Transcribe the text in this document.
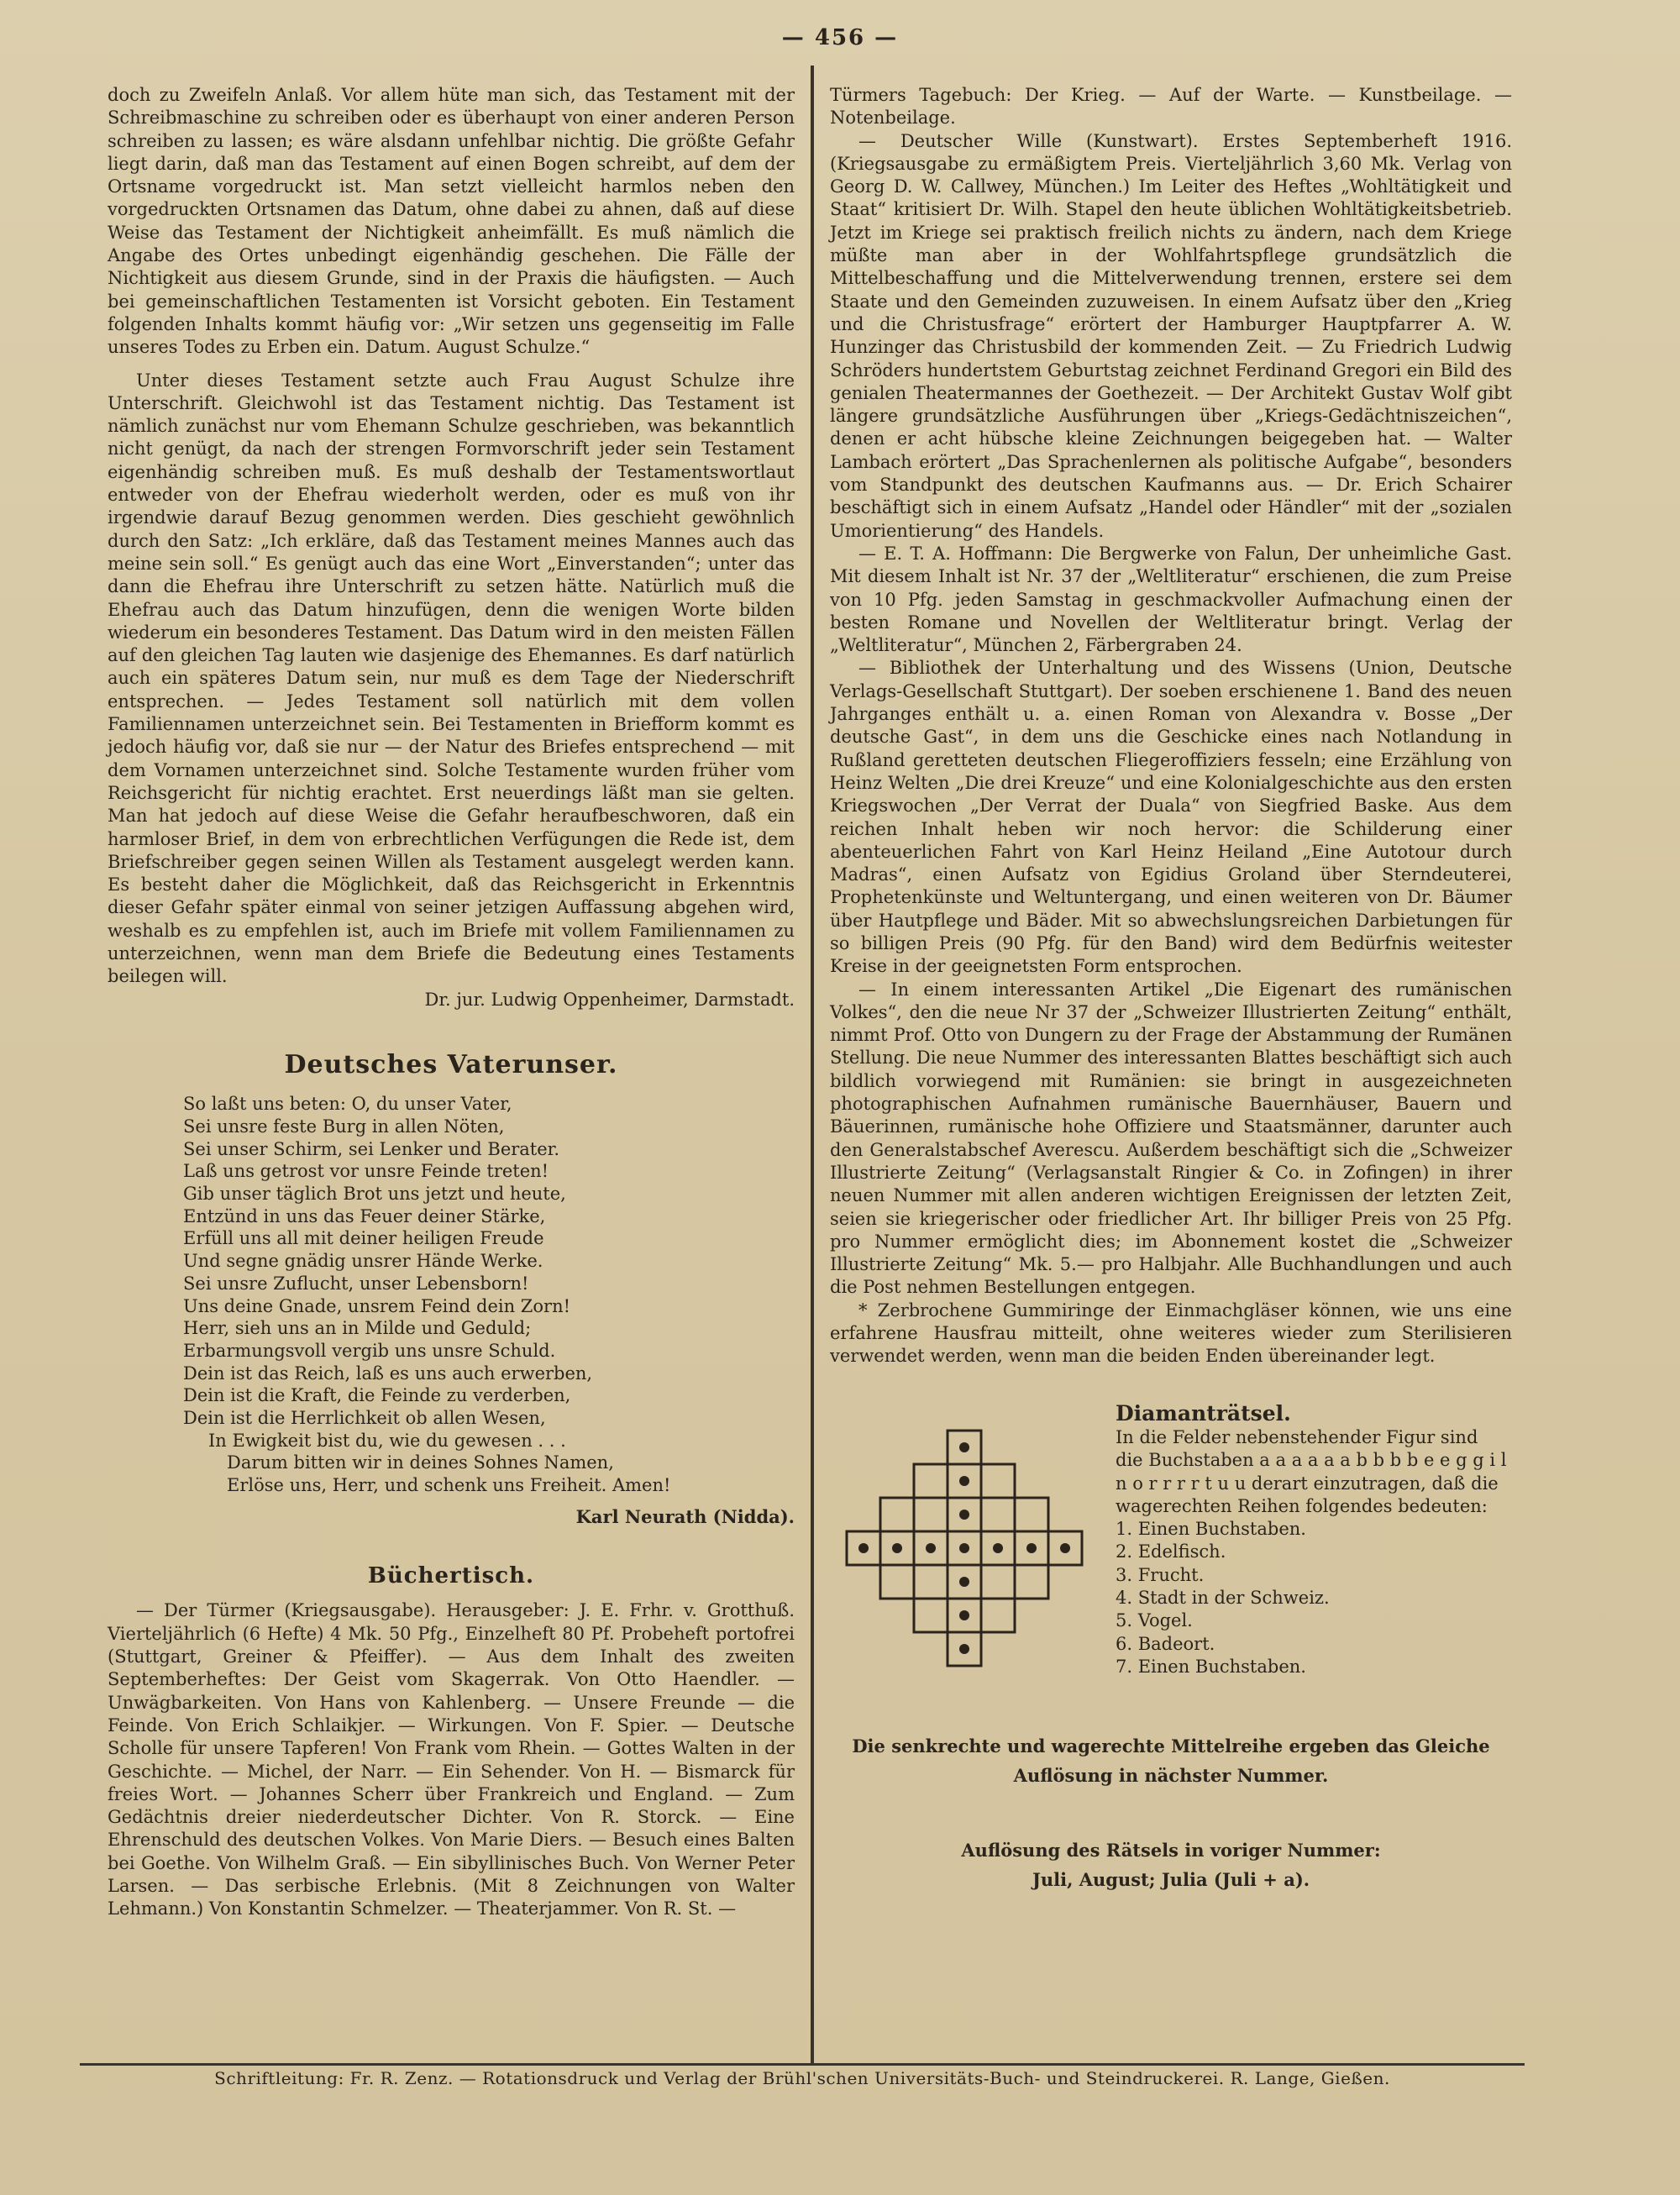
— 456 —

doch zu Zweifeln Anlaß. Vor allem hüte man sich, das Testament mit der Schreibmaschine zu schreiben oder es überhaupt von einer anderen Person schreiben zu lassen; es wäre alsdann unfehlbar nichtig. Die größte Gefahr liegt darin, daß man das Testament auf einen Bogen schreibt, auf dem der Ortsname vorgedruckt ist. Man setzt vielleicht harmlos neben den vorgedruckten Ortsnamen das Datum, ohne dabei zu ahnen, daß auf diese Weise das Testament der Nichtigkeit anheimfällt. Es muß nämlich die Angabe des Ortes unbedingt eigenhändig geschehen. Die Fälle der Nichtigkeit aus diesem Grunde, sind in der Praxis die häufigsten. — Auch bei gemeinschaftlichen Testamenten ist Vorsicht geboten. Ein Testament folgenden Inhalts kommt häufig vor: „Wir setzen uns gegenseitig im Falle unseres Todes zu Erben ein. Datum. August Schulze.“

Unter dieses Testament setzte auch Frau August Schulze ihre Unterschrift. Gleichwohl ist das Testament nichtig. Das Testament ist nämlich zunächst nur vom Ehemann Schulze geschrieben, was bekanntlich nicht genügt, da nach der strengen Formvorschrift jeder sein Testament eigenhändig schreiben muß. Es muß deshalb der Testamentswortlaut entweder von der Ehefrau wiederholt werden, oder es muß von ihr irgendwie darauf Bezug genommen werden. Dies geschieht gewöhnlich durch den Satz: „Ich erkläre, daß das Testament meines Mannes auch das meine sein soll.“ Es genügt auch das eine Wort „Einverstanden“; unter das dann die Ehefrau ihre Unterschrift zu setzen hätte. Natürlich muß die Ehefrau auch das Datum hinzufügen, denn die wenigen Worte bilden wiederum ein besonderes Testament. Das Datum wird in den meisten Fällen auf den gleichen Tag lauten wie dasjenige des Ehemannes. Es darf natürlich auch ein späteres Datum sein, nur muß es dem Tage der Niederschrift entsprechen. — Jedes Testament soll natürlich mit dem vollen Familiennamen unterzeichnet sein. Bei Testamenten in Briefform kommt es jedoch häufig vor, daß sie nur — der Natur des Briefes entsprechend — mit dem Vornamen unterzeichnet sind. Solche Testamente wurden früher vom Reichsgericht für nichtig erachtet. Erst neuerdings läßt man sie gelten. Man hat jedoch auf diese Weise die Gefahr heraufbeschworen, daß ein harmloser Brief, in dem von erbrechtlichen Verfügungen die Rede ist, dem Briefschreiber gegen seinen Willen als Testament ausgelegt werden kann. Es besteht daher die Möglichkeit, daß das Reichsgericht in Erkenntnis dieser Gefahr später einmal von seiner jetzigen Auffassung abgehen wird, weshalb es zu empfehlen ist, auch im Briefe mit vollem Familiennamen zu unterzeichnen, wenn man dem Briefe die Bedeutung eines Testaments beilegen will.

Dr. jur. Ludwig Oppenheimer, Darmstadt.

Deutsches Vaterunser.
So laßt uns beten: O, du unser Vater,
Sei unsre feste Burg in allen Nöten,
Sei unser Schirm, sei Lenker und Berater.
Laß uns getrost vor unsre Feinde treten!
Gib unser täglich Brot uns jetzt und heute,
Entzünd in uns das Feuer deiner Stärke,
Erfüll uns all mit deiner heiligen Freude
Und segne gnädig unsrer Hände Werke.
Sei unsre Zuflucht, unser Lebensborn!
Uns deine Gnade, unsrem Feind dein Zorn!
Herr, sieh uns an in Milde und Geduld;
Erbarmungsvoll vergib uns unsre Schuld.
Dein ist das Reich, laß es uns auch erwerben,
Dein ist die Kraft, die Feinde zu verderben,
Dein ist die Herrlichkeit ob allen Wesen,
In Ewigkeit bist du, wie du gewesen . . .
Darum bitten wir in deines Sohnes Namen,
Erlöse uns, Herr, und schenk uns Freiheit. Amen!

Karl Neurath (Nidda).

Büchertisch.

— Der Türmer (Kriegsausgabe). Herausgeber: J. E. Frhr. v. Grotthuß. Vierteljährlich (6 Hefte) 4 Mk. 50 Pfg., Einzelheft 80 Pf. Probeheft portofrei (Stuttgart, Greiner & Pfeiffer). — Aus dem Inhalt des zweiten Septemberheftes: Der Geist vom Skagerrak. Von Otto Haendler. — Unwägbarkeiten. Von Hans von Kahlenberg. — Unsere Freunde — die Feinde. Von Erich Schlaikjer. — Wirkungen. Von F. Spier. — Deutsche Scholle für unsere Tapferen! Von Frank vom Rhein. — Gottes Walten in der Geschichte. — Michel, der Narr. — Ein Sehender. Von H. — Bismarck für freies Wort. — Johannes Scherr über Frankreich und England. — Zum Gedächtnis dreier niederdeutscher Dichter. Von R. Storck. — Eine Ehrenschuld des deutschen Volkes. Von Marie Diers. — Besuch eines Balten bei Goethe. Von Wilhelm Graß. — Ein sibyllinisches Buch. Von Werner Peter Larsen. — Das serbische Erlebnis. (Mit 8 Zeichnungen von Walter Lehmann.) Von Konstantin Schmelzer. — Theaterjammer. Von R. St. —

Türmers Tagebuch: Der Krieg. — Auf der Warte. — Kunstbeilage. — Notenbeilage.

— Deutscher Wille (Kunstwart). Erstes Septemberheft 1916. (Kriegsausgabe zu ermäßigtem Preis. Vierteljährlich 3,60 Mk. Verlag von Georg D. W. Callwey, München.) Im Leiter des Heftes „Wohltätigkeit und Staat“ kritisiert Dr. Wilh. Stapel den heute üblichen Wohltätigkeitsbetrieb. Jetzt im Kriege sei praktisch freilich nichts zu ändern, nach dem Kriege müßte man aber in der Wohlfahrtspflege grundsätzlich die Mittelbeschaffung und die Mittelverwendung trennen, erstere sei dem Staate und den Gemeinden zuzuweisen. In einem Aufsatz über den „Krieg und die Christusfrage“ erörtert der Hamburger Hauptpfarrer A. W. Hunzinger das Christusbild der kommenden Zeit. — Zu Friedrich Ludwig Schröders hundertstem Geburtstag zeichnet Ferdinand Gregori ein Bild des genialen Theatermannes der Goethezeit. — Der Architekt Gustav Wolf gibt längere grundsätzliche Ausführungen über „Kriegs-Gedächtniszeichen“, denen er acht hübsche kleine Zeichnungen beigegeben hat. — Walter Lambach erörtert „Das Sprachenlernen als politische Aufgabe“, besonders vom Standpunkt des deutschen Kaufmanns aus. — Dr. Erich Schairer beschäftigt sich in einem Aufsatz „Handel oder Händler“ mit der „sozialen Umorientierung“ des Handels.

— E. T. A. Hoffmann: Die Bergwerke von Falun, Der unheimliche Gast. Mit diesem Inhalt ist Nr. 37 der „Weltliteratur“ erschienen, die zum Preise von 10 Pfg. jeden Samstag in geschmackvoller Aufmachung einen der besten Romane und Novellen der Weltliteratur bringt. Verlag der „Weltliteratur“, München 2, Färbergraben 24.

— Bibliothek der Unterhaltung und des Wissens (Union, Deutsche Verlags-Gesellschaft Stuttgart). Der soeben erschienene 1. Band des neuen Jahrganges enthält u. a. einen Roman von Alexandra v. Bosse „Der deutsche Gast“, in dem uns die Geschicke eines nach Notlandung in Rußland geretteten deutschen Fliegeroffiziers fesseln; eine Erzählung von Heinz Welten „Die drei Kreuze“ und eine Kolonialgeschichte aus den ersten Kriegswochen „Der Verrat der Duala“ von Siegfried Baske. Aus dem reichen Inhalt heben wir noch hervor: die Schilderung einer abenteuerlichen Fahrt von Karl Heinz Heiland „Eine Autotour durch Madras“, einen Aufsatz von Egidius Groland über Sterndeuterei, Prophetenkünste und Weltuntergang, und einen weiteren von Dr. Bäumer über Hautpflege und Bäder. Mit so abwechslungsreichen Darbietungen für so billigen Preis (90 Pfg. für den Band) wird dem Bedürfnis weitester Kreise in der geeignetsten Form entsprochen.

— In einem interessanten Artikel „Die Eigenart des rumänischen Volkes“, den die neue Nr 37 der „Schweizer Illustrierten Zeitung“ enthält, nimmt Prof. Otto von Dungern zu der Frage der Abstammung der Rumänen Stellung. Die neue Nummer des interessanten Blattes beschäftigt sich auch bildlich vorwiegend mit Rumänien: sie bringt in ausgezeichneten photographischen Aufnahmen rumänische Bauernhäuser, Bauern und Bäuerinnen, rumänische hohe Offiziere und Staatsmänner, darunter auch den Generalstabschef Averescu. Außerdem beschäftigt sich die „Schweizer Illustrierte Zeitung“ (Verlagsanstalt Ringier & Co. in Zofingen) in ihrer neuen Nummer mit allen anderen wichtigen Ereignissen der letzten Zeit, seien sie kriegerischer oder friedlicher Art. Ihr billiger Preis von 25 Pfg. pro Nummer ermöglicht dies; im Abonnement kostet die „Schweizer Illustrierte Zeitung“ Mk. 5.— pro Halbjahr. Alle Buchhandlungen und auch die Post nehmen Bestellungen entgegen.

* Zerbrochene Gummiringe der Einmachgläser können, wie uns eine erfahrene Hausfrau mitteilt, ohne weiteres wieder zum Sterilisieren verwendet werden, wenn man die beiden Enden übereinander legt.

Diamanträtsel.

In die Felder nebenstehender Figur sind die Buchstaben a a a a a a b b b b e e g g i l n o r r r r t u u derart einzutragen, daß die wagerechten Reihen folgendes bedeuten:

1. Einen Buchstaben.
2. Edelfisch.
3. Frucht.
4. Stadt in der Schweiz.
5. Vogel.
6. Badeort.
7. Einen Buchstaben.
Die senkrechte und wagerechte Mittelreihe ergeben das Gleiche
Auflösung in nächster Nummer.
Auflösung des Rätsels in voriger Nummer:
Juli, August; Julia (Juli + a).
Schriftleitung: Fr. R. Zenz. — Rotationsdruck und Verlag der Brühl'schen Universitäts-Buch- und Steindruckerei. R. Lange, Gießen.
